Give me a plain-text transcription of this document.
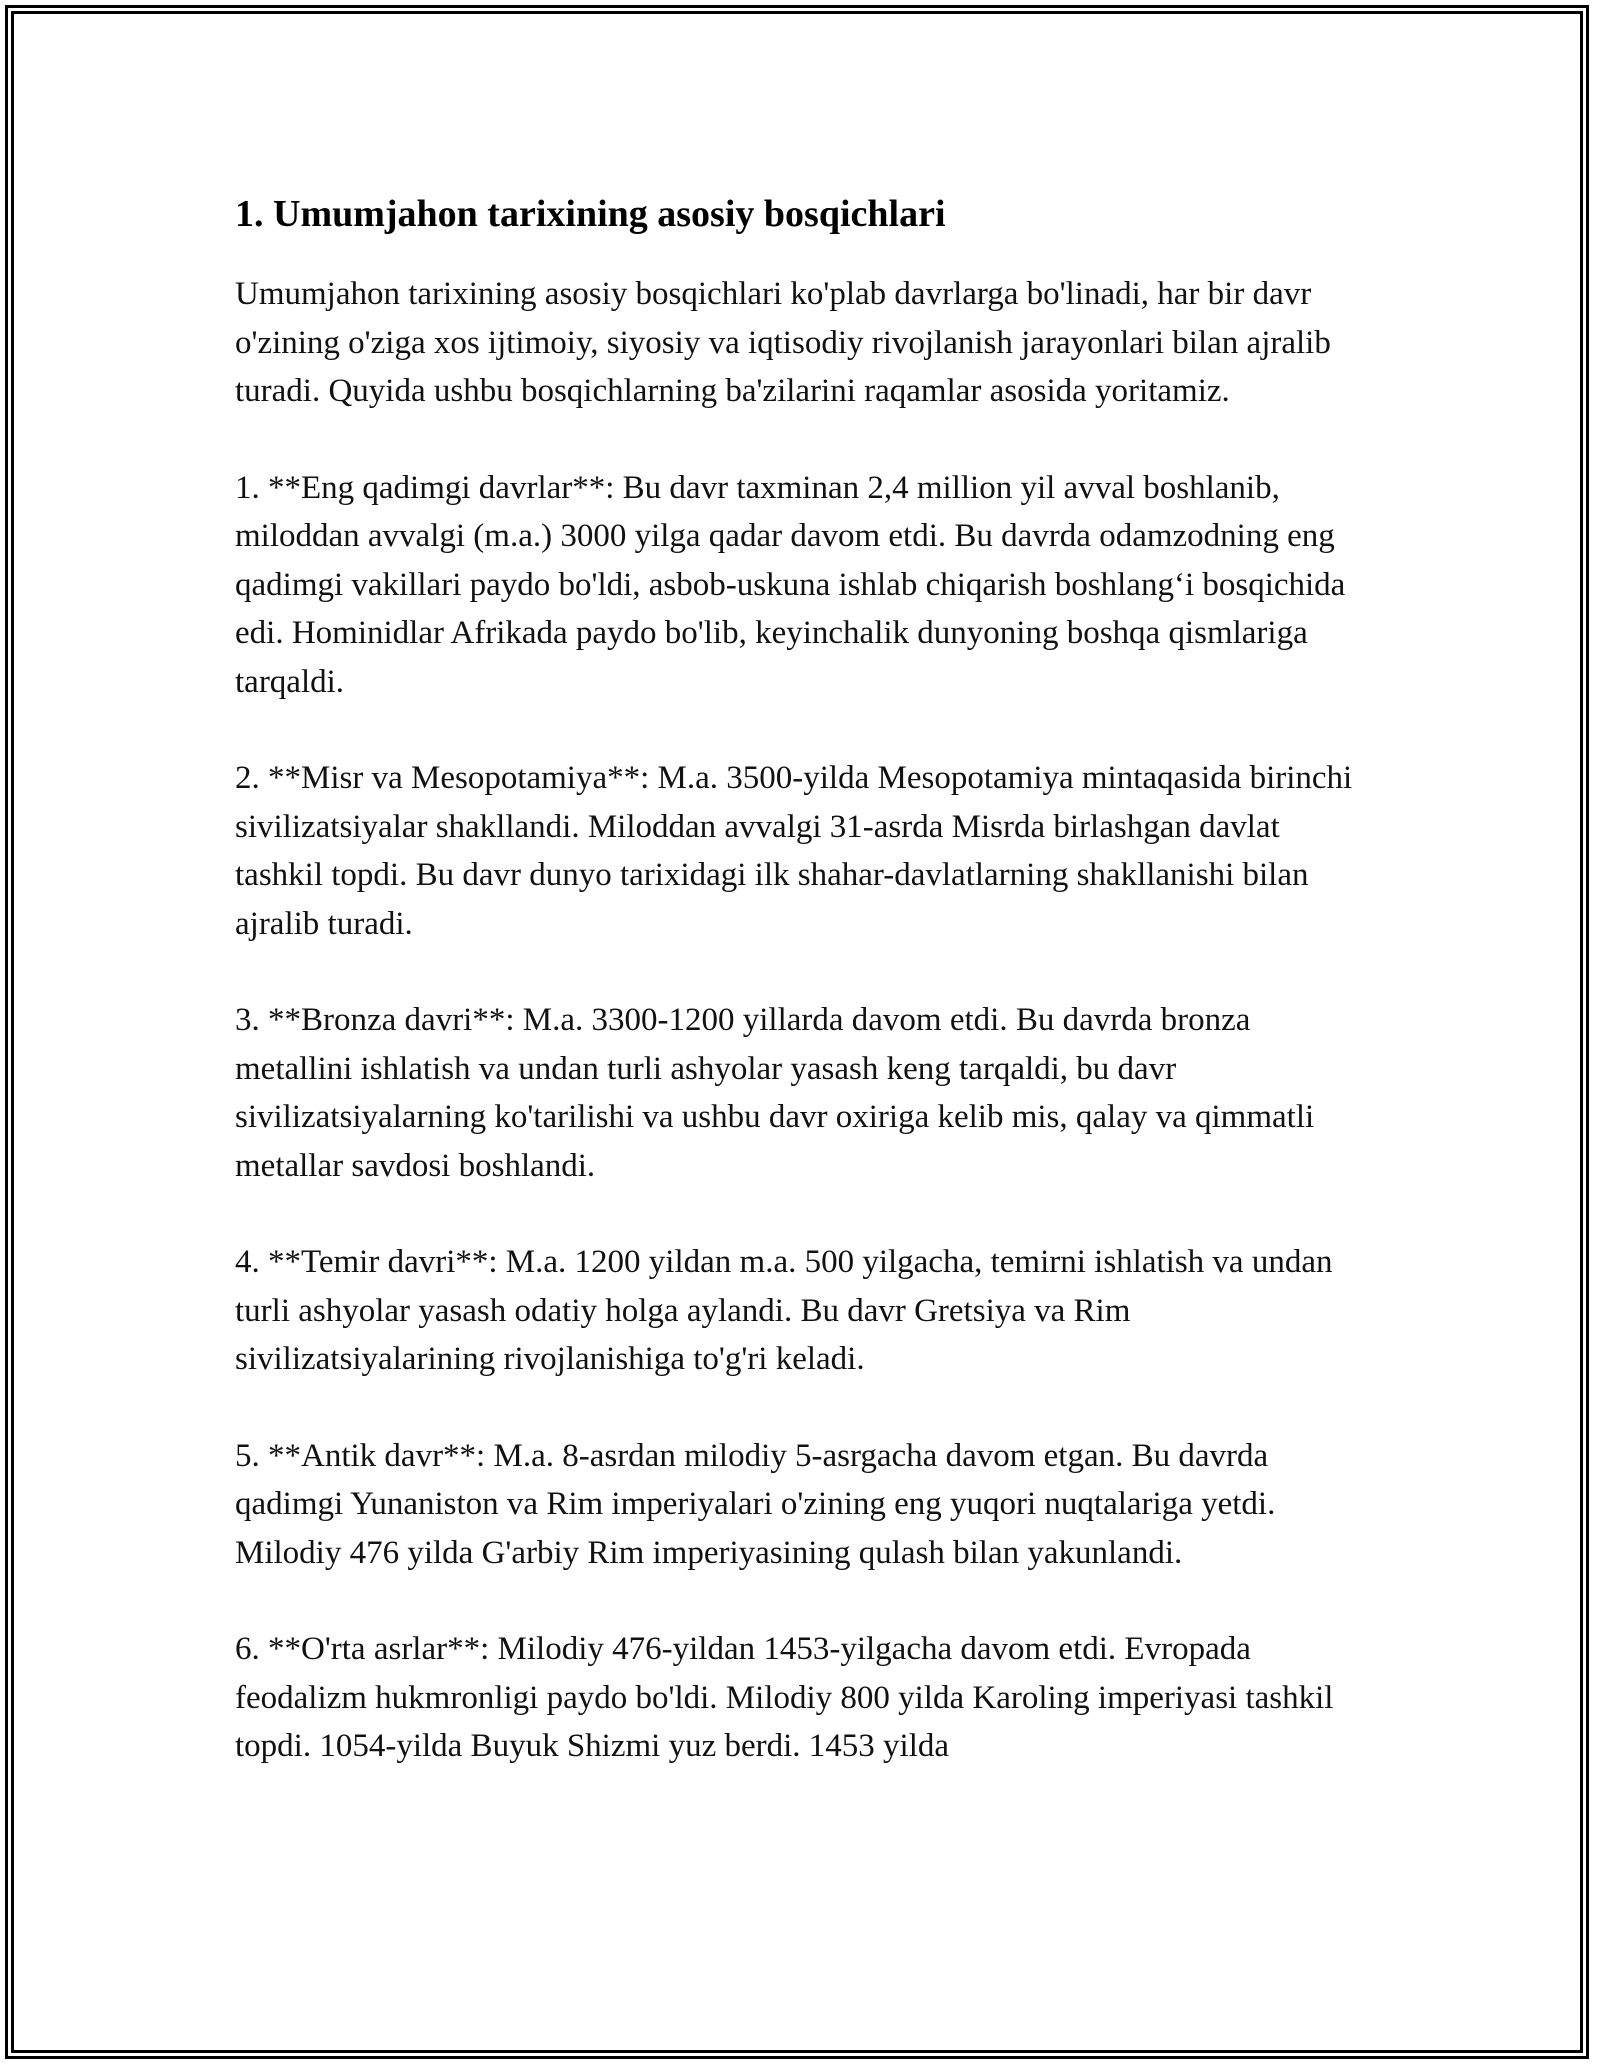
1. Umumjahon tarixining asosiy bosqichlari

Umumjahon tarixining asosiy bosqichlari ko'plab davrlarga bo'linadi, har bir davr o'zining o'ziga xos ijtimoiy, siyosiy va iqtisodiy rivojlanish jarayonlari bilan ajralib turadi. Quyida ushbu bosqichlarning ba'zilarini raqamlar asosida yoritamiz.

1. **Eng qadimgi davrlar**: Bu davr taxminan 2,4 million yil avval boshlanib, miloddan avvalgi (m.a.) 3000 yilga qadar davom etdi. Bu davrda odamzodning eng qadimgi vakillari paydo bo'ldi, asbob-uskuna ishlab chiqarish boshlang‘i bosqichida edi. Hominidlar Afrikada paydo bo'lib, keyinchalik dunyoning boshqa qismlariga tarqaldi.

2. **Misr va Mesopotamiya**: M.a. 3500-yilda Mesopotamiya mintaqasida birinchi sivilizatsiyalar shakllandi. Miloddan avvalgi 31-asrda Misrda birlashgan davlat tashkil topdi. Bu davr dunyo tarixidagi ilk shahar-davlatlarning shakllanishi bilan ajralib turadi.

3. **Bronza davri**: M.a. 3300-1200 yillarda davom etdi. Bu davrda bronza metallini ishlatish va undan turli ashyolar yasash keng tarqaldi, bu davr sivilizatsiyalarning ko'tarilishi va ushbu davr oxiriga kelib mis, qalay va qimmatli metallar savdosi boshlandi.

4. **Temir davri**: M.a. 1200 yildan m.a. 500 yilgacha, temirni ishlatish va undan turli ashyolar yasash odatiy holga aylandi. Bu davr Gretsiya va Rim sivilizatsiyalarining rivojlanishiga to'g'ri keladi.

5. **Antik davr**: M.a. 8-asrdan milodiy 5-asrgacha davom etgan. Bu davrda qadimgi Yunaniston va Rim imperiyalari o'zining eng yuqori nuqtalariga yetdi. Milodiy 476 yilda G'arbiy Rim imperiyasining qulash bilan yakunlandi.

6. **O'rta asrlar**: Milodiy 476-yildan 1453-yilgacha davom etdi. Evropada feodalizm hukmronligi paydo bo'ldi. Milodiy 800 yilda Karoling imperiyasi tashkil topdi. 1054-yilda Buyuk Shizmi yuz berdi. 1453 yilda
